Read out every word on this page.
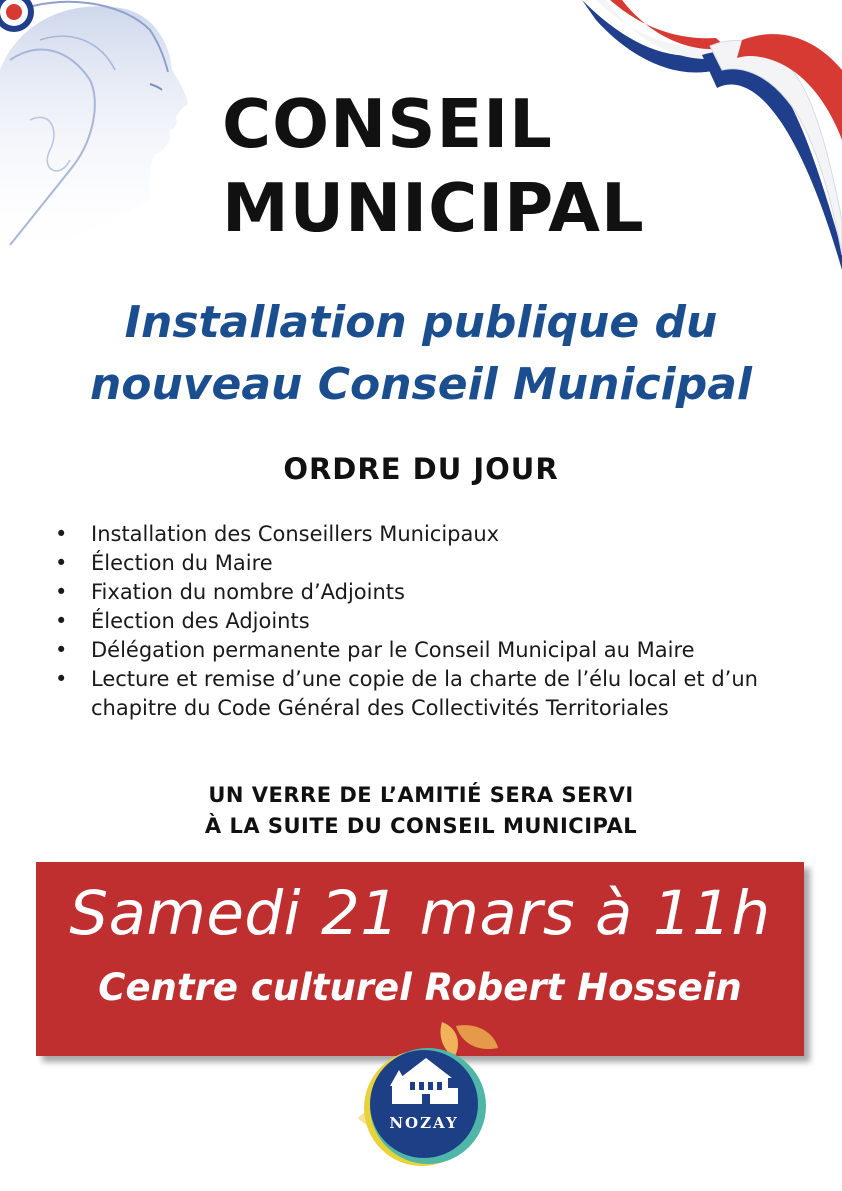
CONSEIL
MUNICIPAL
Installation publique du
nouveau Conseil Municipal
ORDRE DU JOUR
• Installation des Conseillers Municipaux
• Élection du Maire
• Fixation du nombre d’Adjoints
• Élection des Adjoints
• Délégation permanente par le Conseil Municipal au Maire
• Lecture et remise d’une copie de la charte de l’élu local et d’un chapitre du Code Général des Collectivités Territoriales
UN VERRE DE L’AMITIÉ SERA SERVI
À LA SUITE DU CONSEIL MUNICIPAL
Samedi 21 mars à 11h
Centre culturel Robert Hossein
NOZAY
